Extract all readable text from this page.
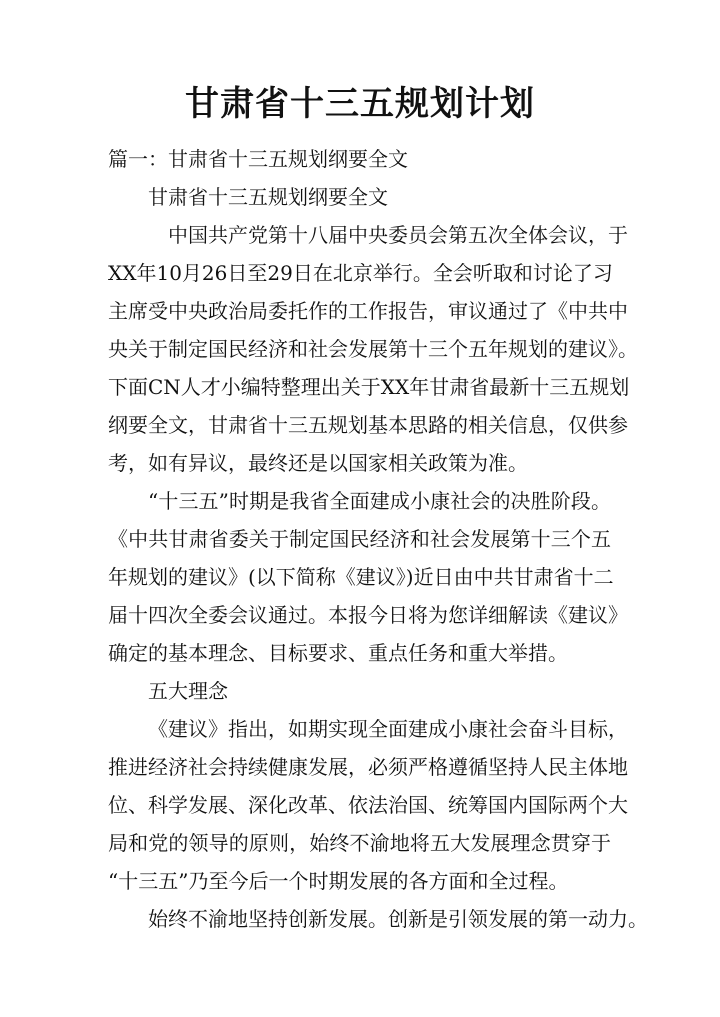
甘肃省十三五规划计划
篇一：甘肃省十三五规划纲要全文
甘肃省十三五规划纲要全文
中国共产党第十八届中央委员会第五次全体会议，于
XX年10月26日至29日在北京举行。全会听取和讨论了习
主席受中央政治局委托作的工作报告，审议通过了《中共中
央关于制定国民经济和社会发展第十三个五年规划的建议》。
下面CN人才小编特整理出关于XX年甘肃省最新十三五规划
纲要全文，甘肃省十三五规划基本思路的相关信息，仅供参
考，如有异议，最终还是以国家相关政策为准。
“十三五”时期是我省全面建成小康社会的决胜阶段。
《中共甘肃省委关于制定国民经济和社会发展第十三个五
年规划的建议》(以下简称《建议》)近日由中共甘肃省十二
届十四次全委会议通过。本报今日将为您详细解读《建议》
确定的基本理念、目标要求、重点任务和重大举措。
五大理念
《建议》指出，如期实现全面建成小康社会奋斗目标，
推进经济社会持续健康发展，必须严格遵循坚持人民主体地
位、科学发展、深化改革、依法治国、统筹国内国际两个大
局和党的领导的原则，始终不渝地将五大发展理念贯穿于
“十三五”乃至今后一个时期发展的各方面和全过程。
始终不渝地坚持创新发展。创新是引领发展的第一动力。
